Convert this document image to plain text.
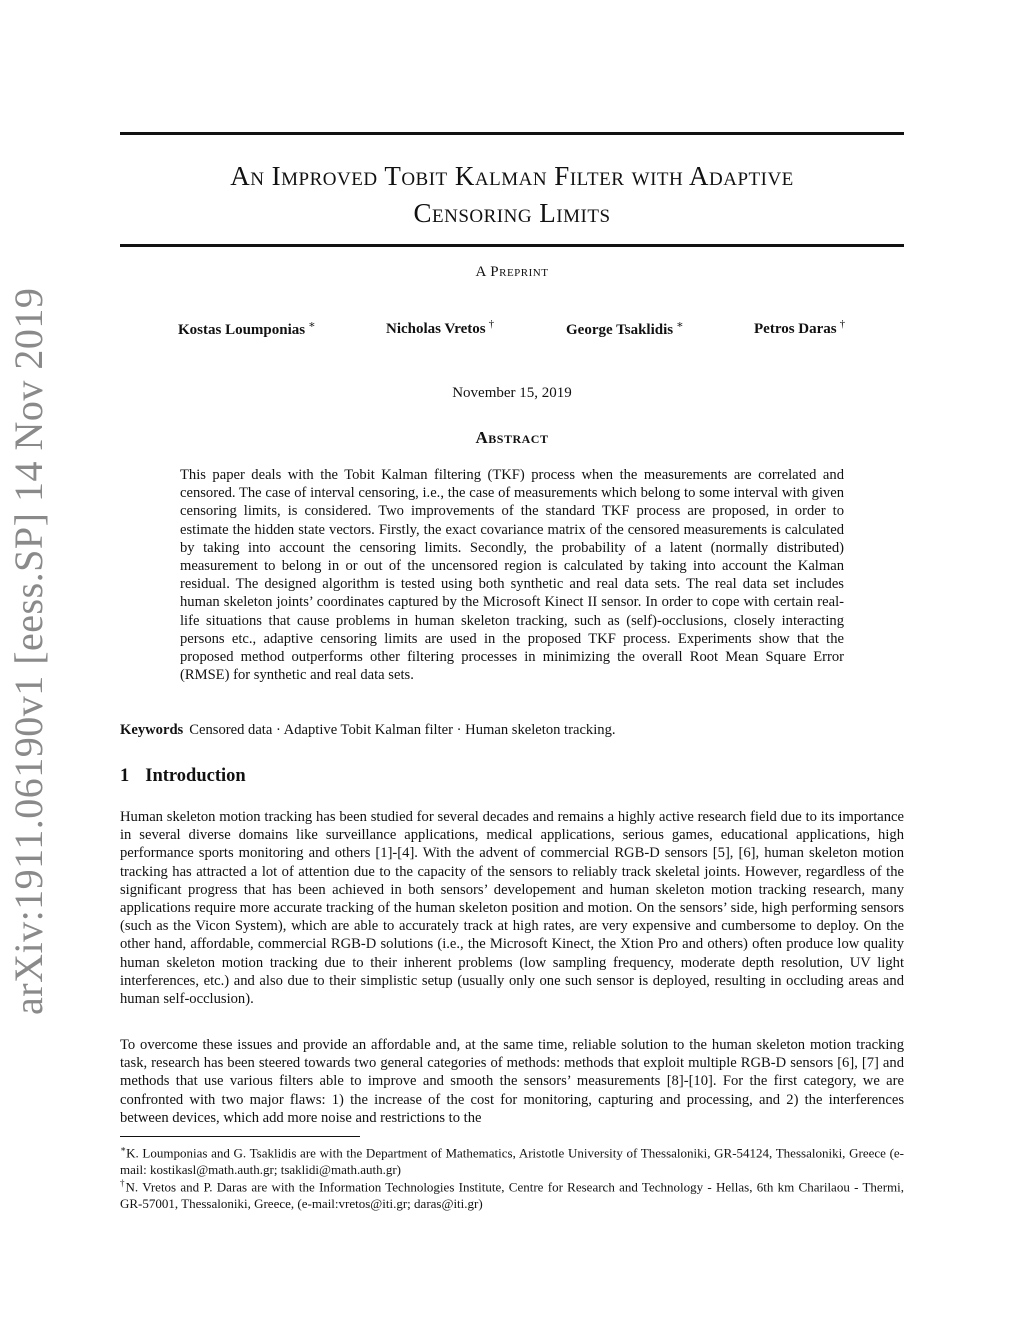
arXiv:1911.06190v1 [eess.SP] 14 Nov 2019
An Improved Tobit Kalman Filter with Adaptive
Censoring Limits
A Preprint
Kostas Loumponias ∗	Nicholas Vretos †	George Tsaklidis ∗	Petros Daras †
November 15, 2019
Abstract
This paper deals with the Tobit Kalman filtering (TKF) process when the measurements are correlated and censored. The case of interval censoring, i.e., the case of measurements which belong to some interval with given censoring limits, is considered. Two improvements of the standard TKF process are proposed, in order to estimate the hidden state vectors. Firstly, the exact covariance matrix of the censored measurements is calculated by taking into account the censoring limits. Secondly, the probability of a latent (normally distributed) measurement to belong in or out of the uncensored region is calculated by taking into account the Kalman residual. The designed algorithm is tested using both synthetic and real data sets. The real data set includes human skeleton joints’ coordinates captured by the Microsoft Kinect II sensor. In order to cope with certain real-life situations that cause problems in human skeleton tracking, such as (self)-occlusions, closely interacting persons etc., adaptive censoring limits are used in the proposed TKF process. Experiments show that the proposed method outperforms other filtering processes in minimizing the overall Root Mean Square Error (RMSE) for synthetic and real data sets.
Keywords Censored data · Adaptive Tobit Kalman filter · Human skeleton tracking.
1 Introduction
Human skeleton motion tracking has been studied for several decades and remains a highly active research field due to its importance in several diverse domains like surveillance applications, medical applications, serious games, educational applications, high performance sports monitoring and others [1]-[4]. With the advent of commercial RGB-D sensors [5], [6], human skeleton motion tracking has attracted a lot of attention due to the capacity of the sensors to reliably track skeletal joints. However, regardless of the significant progress that has been achieved in both sensors’ developement and human skeleton motion tracking research, many applications require more accurate tracking of the human skeleton position and motion. On the sensors’ side, high performing sensors (such as the Vicon System), which are able to accurately track at high rates, are very expensive and cumbersome to deploy. On the other hand, affordable, commercial RGB-D solutions (i.e., the Microsoft Kinect, the Xtion Pro and others) often produce low quality human skeleton motion tracking due to their inherent problems (low sampling frequency, moderate depth resolution, UV light interferences, etc.) and also due to their simplistic setup (usually only one such sensor is deployed, resulting in occluding areas and human self-occlusion).
To overcome these issues and provide an affordable and, at the same time, reliable solution to the human skeleton motion tracking task, research has been steered towards two general categories of methods: methods that exploit multiple RGB-D sensors [6], [7] and methods that use various filters able to improve and smooth the sensors’ measurements [8]-[10]. For the first category, we are confronted with two major flaws: 1) the increase of the cost for monitoring, capturing and processing, and 2) the interferences between devices, which add more noise and restrictions to the
∗K. Loumponias and G. Tsaklidis are with the Department of Mathematics, Aristotle University of Thessaloniki, GR-54124, Thessaloniki, Greece (e-mail: kostikasl@math.auth.gr; tsaklidi@math.auth.gr)
†N. Vretos and P. Daras are with the Information Technologies Institute, Centre for Research and Technology - Hellas, 6th km Charilaou - Thermi, GR-57001, Thessaloniki, Greece, (e-mail:vretos@iti.gr; daras@iti.gr)
